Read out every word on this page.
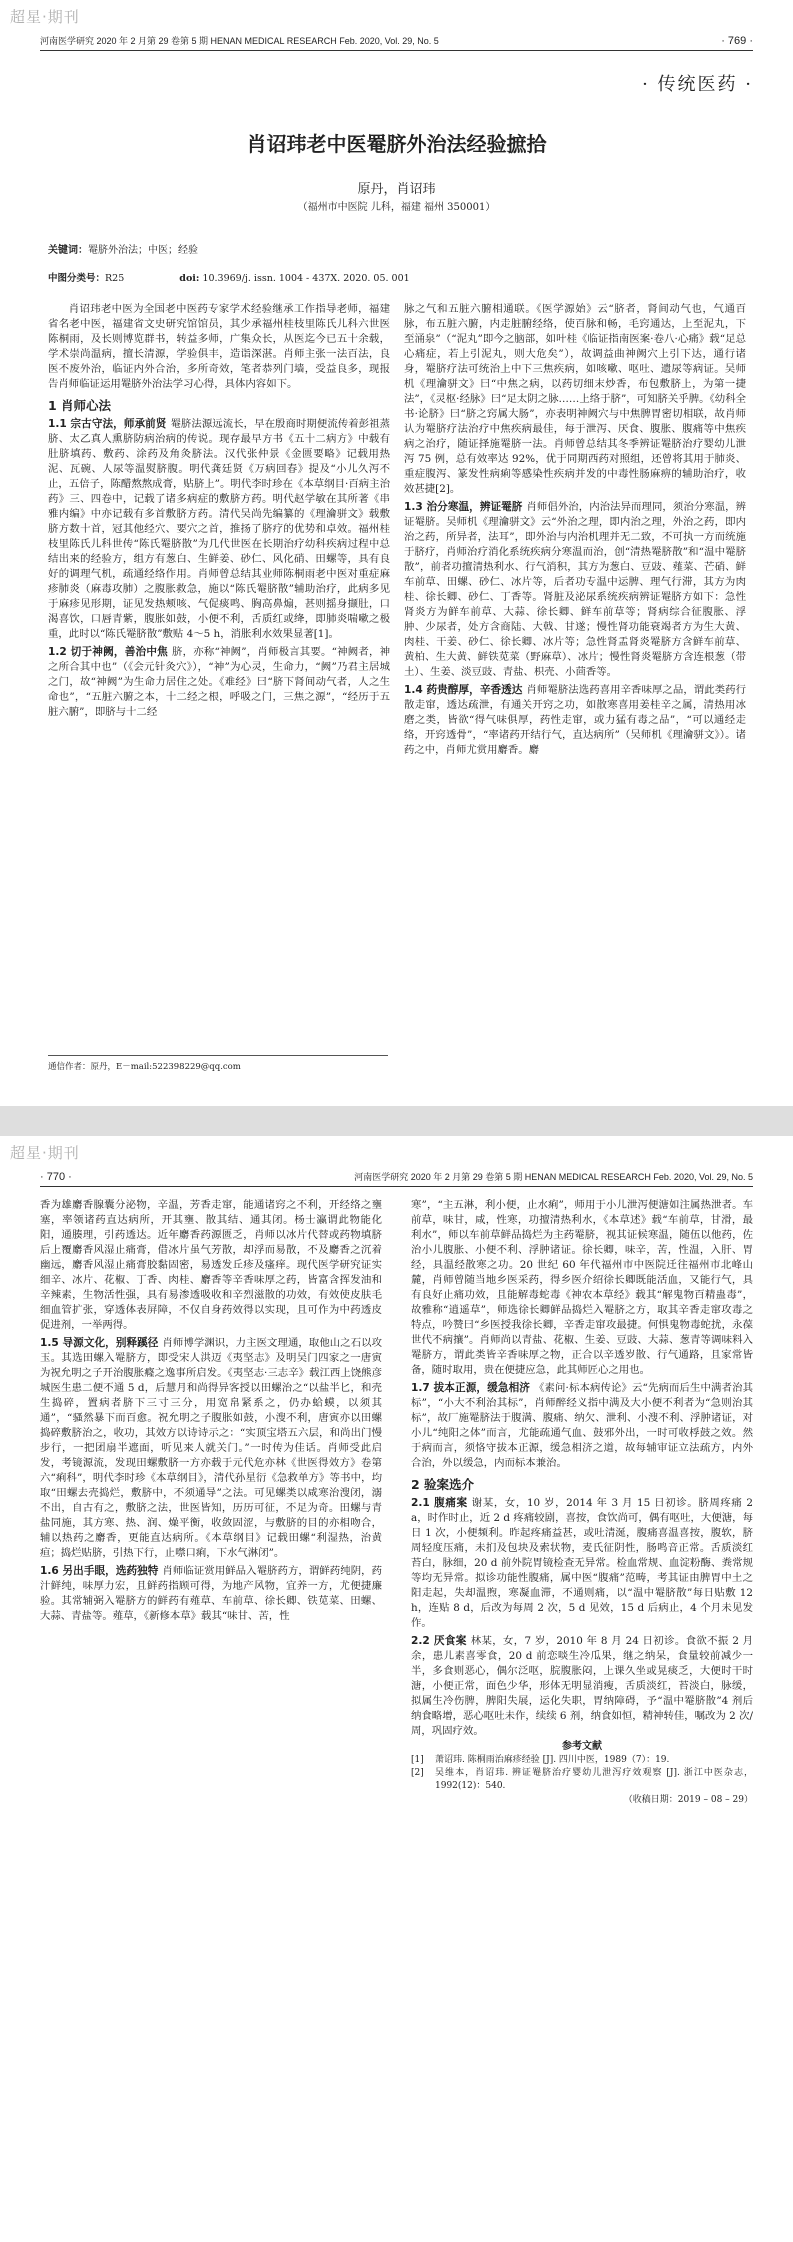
超星·期刊
河南医学研究 2020 年 2 月第 29 卷第 5 期 HENAN MEDICAL RESEARCH Feb. 2020, Vol. 29, No. 5	· 769 ·
· 传统医药 ·
肖诏玮老中医罨脐外治法经验摭拾
原丹，肖诏玮
（福州市中医院 儿科，福建 福州 350001）
关键词：罨脐外治法；中医；经验
中图分类号：R25	doi: 10.3969/j. issn. 1004 - 437X. 2020. 05. 001

肖诏玮老中医为全国老中医药专家学术经验继承工作指导老师，福建省名老中医，福建省文史研究馆馆员，其少承福州桂枝里陈氏儿科六世医陈桐雨，及长则博览群书，转益多师，广集众长，从医迄今已五十余载，学术崇尚温病，擅长清源，学验俱丰，造诣深湛。肖师主张一法百法，良医不废外治，临证内外合治，多所奇效，笔者恭列门墙，受益良多，现报告肖师临证运用罨脐外治法学习心得，具体内容如下。

1 肖师心法

1.1 宗古守法，师承前贤 罨脐法源远流长，早在殷商时期便流传着彭祖蒸脐、太乙真人熏脐防病治病的传说。现存最早方书《五十二病方》中载有肚脐填药、敷药、涂药及角灸脐法。汉代张仲景《金匮要略》记载用热泥、瓦碗、人尿等温熨脐腹。明代龚廷贤《万病回春》提及“小儿久泻不止，五倍子，陈醋熬熬成膏，贴脐上”。明代李时珍在《本草纲目·百病主治药》三、四卷中，记载了诸多病症的敷脐方药。明代赵学敏在其所著《串雅内编》中亦记载有多首敷脐方药。清代吴尚先编纂的《理瀹骈文》载敷脐方数十首，冠其他经穴、要穴之首，推扬了脐疗的优势和卓效。福州桂枝里陈氏儿科世传“陈氏罨脐散”为几代世医在长期治疗幼科疾病过程中总结出来的经验方，组方有葱白、生鲜姜、砂仁、风化硝、田螺等，具有良好的调理气机，疏通经络作用。肖师曾总结其业师陈桐雨老中医对重症麻疹肺炎（麻毒攻肺）之腹胀救急，施以“陈氏罨脐散”辅助治疗，此病多见于麻疹见形期，证见发热颊咳、气促痰鸣、胸高鼻煽，甚则摇身撷肚，口渴喜饮，口唇青紫，腹胀如鼓，小便不利，舌质红或绛，即肺炎喘嗽之极重，此时以“陈氏罨脐散”敷贴 4～5 h，消胀利水效果显著[1]。

1.2 切于神阙，善治中焦 脐，亦称“神阙”，肖师极言其要。“神阙者，神之所合其中也”（《会元针灸穴》），“神”为心灵，生命力，“阙”乃君主居城之门，故“神阙”为生命力居住之处。《难经》曰“脐下肾间动气者，人之生命也”，“五脏六腑之本，十二经之根，呼吸之门，三焦之源”，“经历于五脏六腑”，即脐与十二经

脉之气和五脏六腑相通联。《医学源始》云“脐者，肾间动气也，气通百脉，布五脏六腑，内走脏腑经络，使百脉和畅，毛窍通达，上至泥丸，下至涌泉”（“泥丸”即今之脑部，如叶桂《临证指南医案·卷八·心痛》载“足总心痛症，若上引泥丸，则大危矣”），故调益曲神阙穴上引下达，通行诸身，罨脐疗法可统治上中下三焦疾病，如咳嗽、呕吐、遗尿等病证。吴师机《理瀹骈文》曰“中焦之病，以药切细末炒香，布包敷脐上，为第一捷法”，《灵枢·经脉》曰“足太阴之脉……上络于脐”，可知脐关乎脾。《幼科全书·论脐》曰“脐之窍属大肠”，亦表明神阙穴与中焦脾胃密切相联，故肖师认为罨脐疗法治疗中焦疾病最佳，每于泄泻、厌食、腹胀、腹痛等中焦疾病之治疗，随证择施罨脐一法。肖师曾总结其冬季辨证罨脐治疗婴幼儿泄泻 75 例，总有效率达 92%，优于同期西药对照组，还曾将其用于肺炎、重症腹泻、篆发性病痢等感染性疾病并发的中毒性肠麻痹的辅助治疗，收效甚捷[2]。

1.3 治分寒温，辨证罨脐 肖师倡外治，内治法异而理同，须治分寒温，辨证罨脐。吴师机《理瀹骈文》云“外治之理，即内治之理，外治之药，即内治之药，所异者，法耳”，即外治与内治机理并无二致，不可执一方而统施于脐疗，肖师治疗消化系统疾病分寒温而治，创“清热罨脐散”和“温中罨脐散”，前者功擅清热利水、行气消积，其方为葱白、豆豉、薤菜、芒硝、鲜车前草、田螺、砂仁、冰片等，后者功专温中运脾、理气行滞，其方为肉桂、徐长卿、砂仁、丁香等。肾脏及泌尿系统疾病辨证罨脐方如下：急性肾炎方为鲜车前草、大蒜、徐长卿、鲜车前草等；肾病综合征腹胀、浮肿、少尿者，处方含商陆、大戟、甘遂；慢性肾功能衰竭者方为生大黄、肉桂、干姜、砂仁、徐长卿、冰片等；急性肾盂肾炎罨脐方含鲜车前草、黄柏、生大黄、鲜铁苋菜（野麻草）、冰片；慢性肾炎罨脐方含连根葱（带土）、生姜、淡豆豉、青盐、枳壳、小茴香等。

1.4 药贵醇厚，辛香透达 肖师罨脐法选药喜用辛香味厚之品，谓此类药行散走窜，透达疏泄，有通关开窍之功，如散寒喜用姜桂辛之属，清热用冰磨之类，皆欲“得气味俱厚，药性走窜，或力猛有毒之品”，“可以通经走络，开窍透骨”，“率诸药开结行气，直达病所”（吴师机《理瀹骈文》）。诸药之中，肖师尤赏用麝香。麝

通信作者：原丹，E－mail:522398229@qq.com
超星·期刊
· 770 ·	河南医学研究 2020 年 2 月第 29 卷第 5 期 HENAN MEDICAL RESEARCH Feb. 2020, Vol. 29, No. 5

香为雄麝香腺囊分泌物，辛温，芳香走窜，能通诸窍之不利，开经络之壅塞，率领诸药直达病所，开其壅、散其结、通其闭。杨士瀛谓此物能化阳，通腠理，引药透达。近年麝香药源匮乏，肖师以冰片代替或药物填脐后上覆麝香风湿止痛膏，借冰片虽气芳散，却浮而易散，不及麝香之沉着幽远，麝香风湿止痛膏胶黏固密，易透发丘疹及瘙痒。现代医学研究证实细辛、冰片、花椒、丁香、肉桂、麝香等辛香味厚之药，皆富含挥发油和辛辣素，生物活性强，具有易渗透吸收和辛烈滋散的功效，有效使皮肤毛细血管扩张，穿透体表屏障，不仅自身药效得以实现，且可作为中药透皮促进剂，一举两得。

1.5 导源文化，别释蹊径 肖师博学渊识，力主医文理通，取他山之石以攻玉。其选田螺入罨脐方，即受宋人洪迈《夷坚志》及明吴门四家之一唐寅为祝允明之子开治腹胀癃之逸事所启发。《夷坚志·三志辛》载江西上饶熊彦城医生患二便不通 5 d，后慧月和尚得异客授以田螺治之“以盐半匕，和壳生捣碎，置病者脐下三寸三分，用宽帛紧系之，仍办蛤蟆，以须其通”，“骚然暴下而百愈。祝允明之子腹胀如鼓，小溲不利，唐寅亦以田螺捣碎敷脐治之，收功，其效方以诗诗示之：“实顶宝塔五六层，和尚出门慢步行，一把团扇半遮面，听见来人就关门。”一时传为佳话。肖师受此启发，考镜源流，发现田螺敷脐一方亦载于元代危亦林《世医得效方》卷第六“痢科”，明代李时珍《本草纲目》，清代孙星衍《急救单方》等书中，均取“田螺去壳捣烂，敷脐中，不须通导”之法。可见螺类以咸寒治溲闭，溺不出，自古有之，敷脐之法，世医皆知，历历可征，不足为奇。田螺与青盐同施，其方寒、热、润、燥平衡，收敛固涩，与敷脐的目的亦相吻合，辅以热药之麝香，更能直达病所。《本草纲目》记载田螺“利湿热，治黄疸；捣烂贴脐，引热下行，止噤口痢，下水气淋闭”。

1.6 另出手眼，选药独特 肖师临证赏用鲜品入罨脐药方，谓鲜药纯阴，药汁鲜纯，味厚力宏，且鲜药指顾可得，为地产风物，宜养一方，尤便捷廉验。其常辅弼入罨脐方的鲜药有薤草、车前草、徐长卿、铁苋菜、田螺、大蒜、青盐等。薤草，《新修本草》载其“味甘、苦，性

寒”，“主五淋，利小便，止水痢”，师用于小儿泄泻便溏如注属热泄者。车前草，味甘，咸，性寒，功擅清热利水，《本草述》载“车前草，甘滑，最利水”，师以车前草鲜品捣烂为主药罨脐，视其证候寒温，随伍以他药，佐治小儿腹胀、小便不利、浮肿诸证。徐长卿，味辛，苦，性温，入肝、胃经，具温经散寒之功。20 世纪 60 年代福州市中医院迁往福州市北峰山麓，肖师曾随当地乡医采药，得乡医介绍徐长卿既能活血，又能行气，具有良好止痛功效，且能解毒蛇毒《神农本草经》载其“解鬼物百精蛊毒”，故雅称“逍遥草”，师选徐长卿鲜品捣烂入罨脐之方，取其辛香走窜攻毒之特点，吟赞曰“乡医授我徐长卿，辛香走窜攻最捷。何惧鬼物毒蛇扰，永葆世代不病攘”。肖师尚以青盐、花椒、生姜、豆豉、大蒜、葱青等调味料入罨脐方，谓此类皆辛香味厚之物，正合以辛透岁散、行气通路，且家常皆备，随时取用，贵在便捷应急，此其师匠心之用也。

1.7 拔本正源，缓急相济 《素问·标本病传论》云“先病而后生中满者治其标”，“小大不利治其标”，肖师醉经义指中满及大小便不利者为“急则治其标”，故厂施罨脐法于腹满、腹痛、纳欠、泄利、小溲不利、浮肿诸证，对小儿“纯阳之体”而言，尤能疏通气血、鼓邪外出，一时可收桴鼓之效。然于病而言，须恪守拔本正源，缓急相济之道，故每辅审证立法疏方，内外合治，外以缓急，内而标本兼治。

2 验案选介

2.1 腹痛案 谢某，女，10 岁，2014 年 3 月 15 日初诊。脐周疼痛 2 a，时作时止，近 2 d 疼痛较剧，喜按，食饮尚可，偶有呕吐，大便溏，每日 1 次，小便频利。昨起疼痛益甚，或吐清涎，腹痛喜温喜按，腹软，脐周轻度压痛，未扪及包块及索状物，麦氏征阴性，肠鸣音正常。舌质淡红苔白，脉细，20 d 前外院胃镜检查无异常。检血常规、血淀粉酶、粪常规等均无异常。拟诊功能性腹痛，属中医“腹痛”范畴，考其证由脾胃中土之阳走起，失却温煦，寒凝血滞，不通则痛，以“温中罨脐散”每日贴敷 12 h，连贴 8 d，后改为每周 2 次，5 d 见效，15 d 后病止，4 个月未见发作。

2.2 厌食案 林某，女，7 岁，2010 年 8 月 24 日初诊。食欲不振 2 月余，患儿素喜零食，20 d 前恋啖生冷瓜果，继之纳呆，食量较前减少一半，多食则恶心，偶尔泛呕，脘腹胀闷，上课久坐或晃痰乏，大便时干时溏，小便正常，面色少华，形体无明显消瘦，舌质淡红，苔淡白，脉缓，拟属生冷伤脾，脾阳失展，运化失职，胃纳障碍，予“温中罨脐散”4 剂后纳食略增，恶心呕吐未作，续续 6 剂，纳食如恒，精神转佳，嘱改为 2 次/周，巩固疗效。

参考文献

[1] 萧诏玮. 陈桐雨治麻疹经验 [J]. 四川中医，1989（7）：19.

[2] 吴维本，肖诏玮. 辨证罨脐治疗婴幼儿泄泻疗效观察 [J]. 浙江中医杂志，1992(12)：540.

（收稿日期：2019 – 08 – 29）
